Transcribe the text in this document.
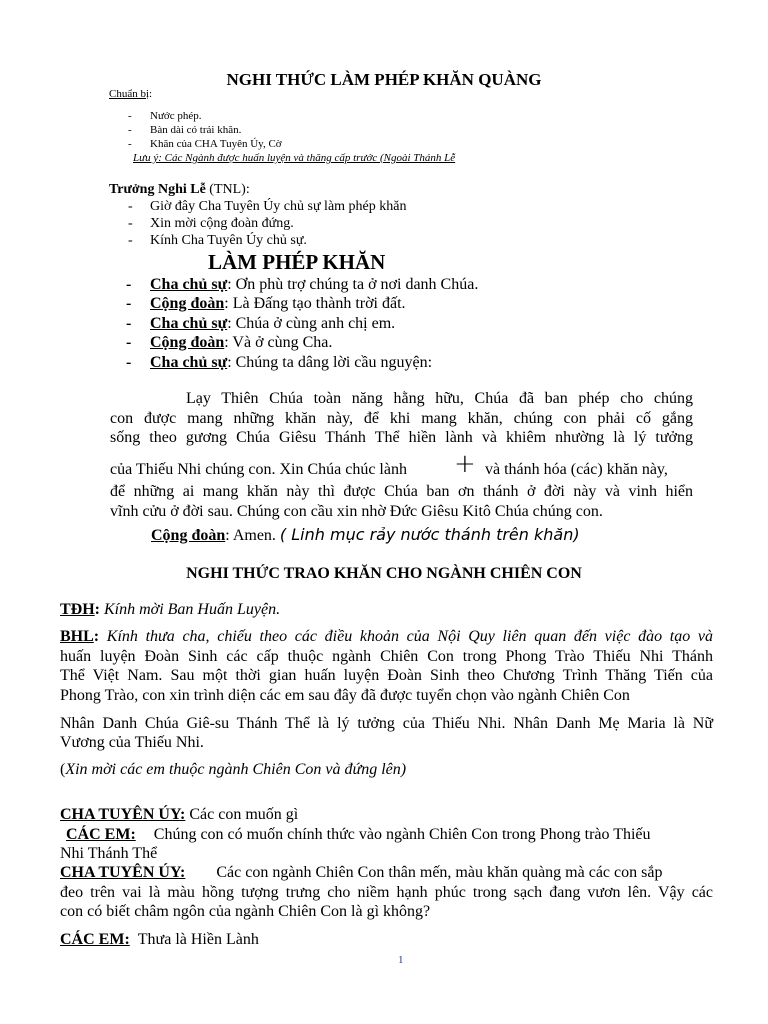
NGHI THỨC LÀM PHÉP KHĂN QUÀNG
Chuẩn bị:
- Nước phép.
- Bàn dài có trải khăn.
- Khăn của CHA Tuyên Úy, Cờ
Lưu ý: Các Ngành được huấn luyện và thăng cấp trước (Ngoài Thánh Lễ
Trưởng Nghi Lễ (TNL):
- Giờ đây Cha Tuyên Úy chủ sự làm phép khăn
- Xin mời cộng đoàn đứng.
- Kính Cha Tuyên Úy chủ sự.
LÀM PHÉP KHĂN
- Cha chủ sự: Ơn phù trợ chúng ta ở nơi danh Chúa.
- Cộng đoàn: Là Đấng tạo thành trời đất.
- Cha chủ sự: Chúa ở cùng anh chị em.
- Cộng đoàn: Và ở cùng Cha.
- Cha chủ sự: Chúng ta dâng lời cầu nguyện:
Lạy Thiên Chúa toàn năng hằng hữu, Chúa đã ban phép cho chúng
con được mang những khăn này, để khi mang khăn, chúng con phải cố gắng
sống theo gương Chúa Giêsu Thánh Thể hiền lành và khiêm nhường là lý tưởng
của Thiếu Nhi chúng con. Xin Chúa chúc lành + và thánh hóa (các) khăn này,
để những ai mang khăn này thì được Chúa ban ơn thánh ở đời này và vinh hiển
vĩnh cửu ở đời sau. Chúng con cầu xin nhờ Đức Giêsu Kitô Chúa chúng con.
Cộng đoàn: Amen. ( Linh mục rảy nước thánh trên khăn)
NGHI THỨC TRAO KHĂN CHO NGÀNH CHIÊN CON
TĐH: Kính mời Ban Huấn Luyện.
BHL: Kính thưa cha, chiếu theo các điều khoản của Nội Quy liên quan đến việc đào tạo và
huấn luyện Đoàn Sinh các cấp thuộc ngành Chiên Con trong Phong Trào Thiếu Nhi Thánh
Thể Việt Nam. Sau một thời gian huấn luyện Đoàn Sinh theo Chương Trình Thăng Tiến của
Phong Trào, con xin trình diện các em sau đây đã được tuyển chọn vào ngành Chiên Con
Nhân Danh Chúa Giê-su Thánh Thể là lý tưởng của Thiếu Nhi. Nhân Danh Mẹ Maria là Nữ
Vương của Thiếu Nhi.
(Xin mời các em thuộc ngành Chiên Con và đứng lên)
CHA TUYÊN ÚY: Các con muốn gì
CÁC EM: Chúng con có muốn chính thức vào ngành Chiên Con trong Phong trào Thiếu
Nhi Thánh Thể
CHA TUYÊN ÚY: Các con ngành Chiên Con thân mến, màu khăn quàng mà các con sắp
đeo trên vai là màu hồng tượng trưng cho niềm hạnh phúc trong sạch đang vươn lên. Vậy các
con có biết châm ngôn của ngành Chiên Con là gì không?
CÁC EM: Thưa là Hiền Lành
1
